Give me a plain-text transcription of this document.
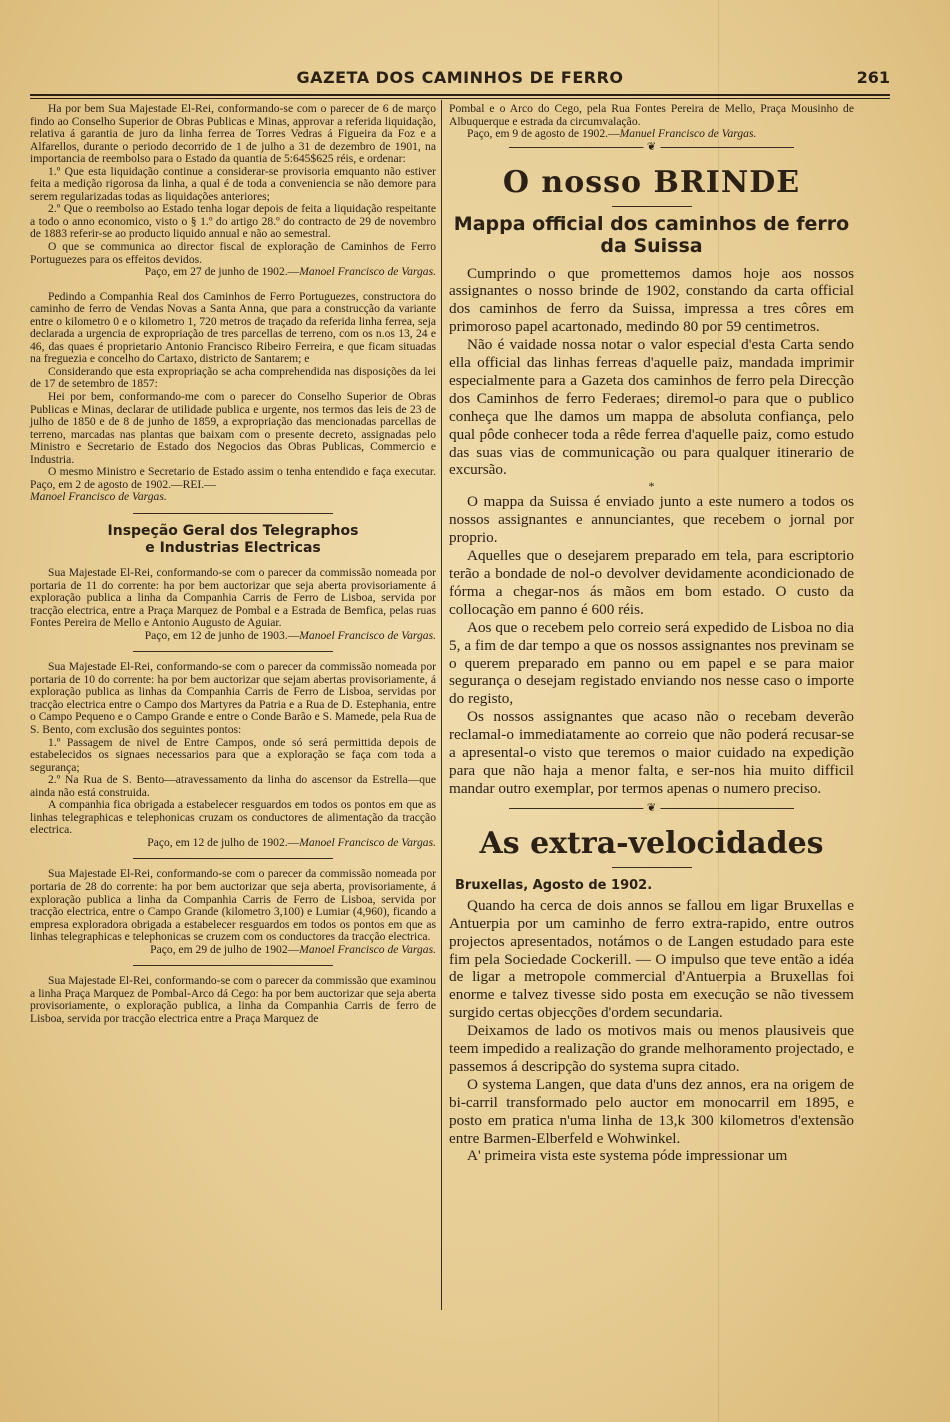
GAZETA DOS CAMINHOS DE FERRO	261

Ha por bem Sua Majestade El-Rei, conformando-se com o parecer de 6 de março findo ao Conselho Superior de Obras Publicas e Minas, approvar a referida liquidação, relativa á garantia de juro da linha ferrea de Torres Vedras á Figueira da Foz e a Alfarellos, durante o periodo decorrido de 1 de julho a 31 de dezembro de 1901, na importancia de reembolso para o Estado da quantia de 5:645$625 réis, e ordenar:

1.º Que esta liquidação continue a considerar-se provisoria emquanto não estiver feita a medição rigorosa da linha, a qual é de toda a conveniencia se não demore para serem regularizadas todas as liquidações anteriores;

2.º Que o reembolso ao Estado tenha logar depois de feita a liquidação respeitante a todo o anno economico, visto o § 1.º do artigo 28.º do contracto de 29 de novembro de 1883 referir-se ao producto liquido annual e não ao semestral.

O que se communica ao director fiscal de exploração de Caminhos de Ferro Portuguezes para os effeitos devidos.

Paço, em 27 de junho de 1902.—Manoel Francisco de Vargas.

Pedindo a Companhia Real dos Caminhos de Ferro Portuguezes, constructora do caminho de ferro de Vendas Novas a Santa Anna, que para a construcção da variante entre o kilometro 0 e o kilometro 1, 720 metros de traçado da referida linha ferrea, seja declarada a urgencia de expropriação de tres parcellas de terreno, com os n.os 13, 24 e 46, das quaes é proprietario Antonio Francisco Ribeiro Ferreira, e que ficam situadas na freguezia e concelho do Cartaxo, districto de Santarem; e

Considerando que esta expropriação se acha comprehendida nas disposições da lei de 17 de setembro de 1857:

Hei por bem, conformando-me com o parecer do Conselho Superior de Obras Publicas e Minas, declarar de utilidade publica e urgente, nos termos das leis de 23 de julho de 1850 e de 8 de junho de 1859, a expropriação das mencionadas parcellas de terreno, marcadas nas plantas que baixam com o presente decreto, assignadas pelo Ministro e Secretario de Estado dos Negocios das Obras Publicas, Commercio e Industria.

O mesmo Ministro e Secretario de Estado assim o tenha entendido e faça executar. Paço, em 2 de agosto de 1902.—REI.—

Manoel Francisco de Vargas.

Inspeção Geral dos Telegraphos
e Industrias Electricas

Sua Majestade El-Rei, conformando-se com o parecer da commissão nomeada por portaria de 11 do corrente: ha por bem auctorizar que seja aberta provisoriamente á exploração publica a linha da Companhia Carris de Ferro de Lisboa, servida por tracção electrica, entre a Praça Marquez de Pombal e a Estrada de Bemfica, pelas ruas Fontes Pereira de Mello e Antonio Augusto de Aguiar.

Paço, em 12 de junho de 1903.—Manoel Francisco de Vargas.

Sua Majestade El-Rei, conformando-se com o parecer da commissão nomeada por portaria de 10 do corrente: ha por bem auctorizar que sejam abertas provisoriamente, á exploração publica as linhas da Companhia Carris de Ferro de Lisboa, servidas por tracção electrica entre o Campo dos Martyres da Patria e a Rua de D. Estephania, entre o Campo Pequeno e o Campo Grande e entre o Conde Barão e S. Mamede, pela Rua de S. Bento, com exclusão dos seguintes pontos:

1.º Passagem de nivel de Entre Campos, onde só será permittida depois de estabelecidos os signaes necessarios para que a exploração se faça com toda a segurança;

2.º Na Rua de S. Bento—atravessamento da linha do ascensor da Estrella—que ainda não está construida.

A companhia fica obrigada a estabelecer resguardos em todos os pontos em que as linhas telegraphicas e telephonicas cruzam os conductores de alimentação da tracção electrica.

Paço, em 12 de julho de 1902.—Manoel Francisco de Vargas.

Sua Majestade El-Rei, conformando-se com o parecer da commissão nomeada por portaria de 28 do corrente: ha por bem auctorizar que seja aberta, provisoriamente, á exploração publica a linha da Companhia Carris de Ferro de Lisboa, servida por tracção electrica, entre o Campo Grande (kilometro 3,100) e Lumiar (4,960), ficando a empresa exploradora obrigada a estabelecer resguardos em todos os pontos em que as linhas telegraphicas e telephonicas se cruzem com os conductores da tracção electrica.

Paço, em 29 de julho de 1902—Manoel Francisco de Vargas.

Sua Majestade El-Rei, conformando-se com o parecer da commissão que examinou a linha Praça Marquez de Pombal-Arco dá Cego: ha por bem auctorizar que seja aberta provisoriamente, o exploração publica, a linha da Companhia Carris de ferro de Lisboa, servida por tracção electrica entre a Praça Marquez de

Pombal e o Arco do Cego, pela Rua Fontes Pereira de Mello, Praça Mousinho de Albuquerque e estrada da circumvalação.

Paço, em 9 de agosto de 1902.—Manuel Francisco de Vargas.

❦
O nosso BRINDE
Mappa official dos caminhos de ferro
da Suissa

Cumprindo o que promettemos damos hoje aos nossos assignantes o nosso brinde de 1902, constando da carta official dos caminhos de ferro da Suissa, impressa a tres côres em primoroso papel acartonado, medindo 80 por 59 centimetros.

Não é vaidade nossa notar o valor especial d'esta Carta sendo ella official das linhas ferreas d'aquelle paiz, mandada imprimir especialmente para a Gazeta dos caminhos de ferro pela Direcção dos Caminhos de ferro Federaes; diremol-o para que o publico conheça que lhe damos um mappa de absoluta confiança, pelo qual pôde conhecer toda a rêde ferrea d'aquelle paiz, como estudo das suas vias de communicação ou para qualquer itinerario de excursão.

*

O mappa da Suissa é enviado junto a este numero a todos os nossos assignantes e annunciantes, que recebem o jornal por proprio.

Aquelles que o desejarem preparado em tela, para escriptorio terão a bondade de nol-o devolver devidamente acondicionado de fórma a chegar-nos ás mãos em bom estado. O custo da collocação em panno é 600 réis.

Aos que o recebem pelo correio será expedido de Lisboa no dia 5, a fim de dar tempo a que os nossos assignantes nos previnam se o querem preparado em panno ou em papel e se para maior segurança o desejam registado enviando nos nesse caso o importe do registo,

Os nossos assignantes que acaso não o recebam deverão reclamal-o immediatamente ao correio que não poderá recusar-se a apresental-o visto que teremos o maior cuidado na expedição para que não haja a menor falta, e ser-nos hia muito difficil mandar outro exemplar, por termos apenas o numero preciso.

❦
As extra-velocidades
Bruxellas, Agosto de 1902.

Quando ha cerca de dois annos se fallou em ligar Bruxellas e Antuerpia por um caminho de ferro extra-rapido, entre outros projectos apresentados, notámos o de Langen estudado para este fim pela Sociedade Cockerill. — O impulso que teve então a idéa de ligar a metropole commercial d'Antuerpia a Bruxellas foi enorme e talvez tivesse sido posta em execução se não tivessem surgido certas objecções d'ordem secundaria.

Deixamos de lado os motivos mais ou menos plausiveis que teem impedido a realização do grande melhoramento projectado, e passemos á descripção do systema supra citado.

O systema Langen, que data d'uns dez annos, era na origem de bi-carril transformado pelo auctor em monocarril em 1895, e posto em pratica n'uma linha de 13,k 300 kilometros d'extensão entre Barmen-Elberfeld e Wohwinkel.

A' primeira vista este systema póde impressionar um
